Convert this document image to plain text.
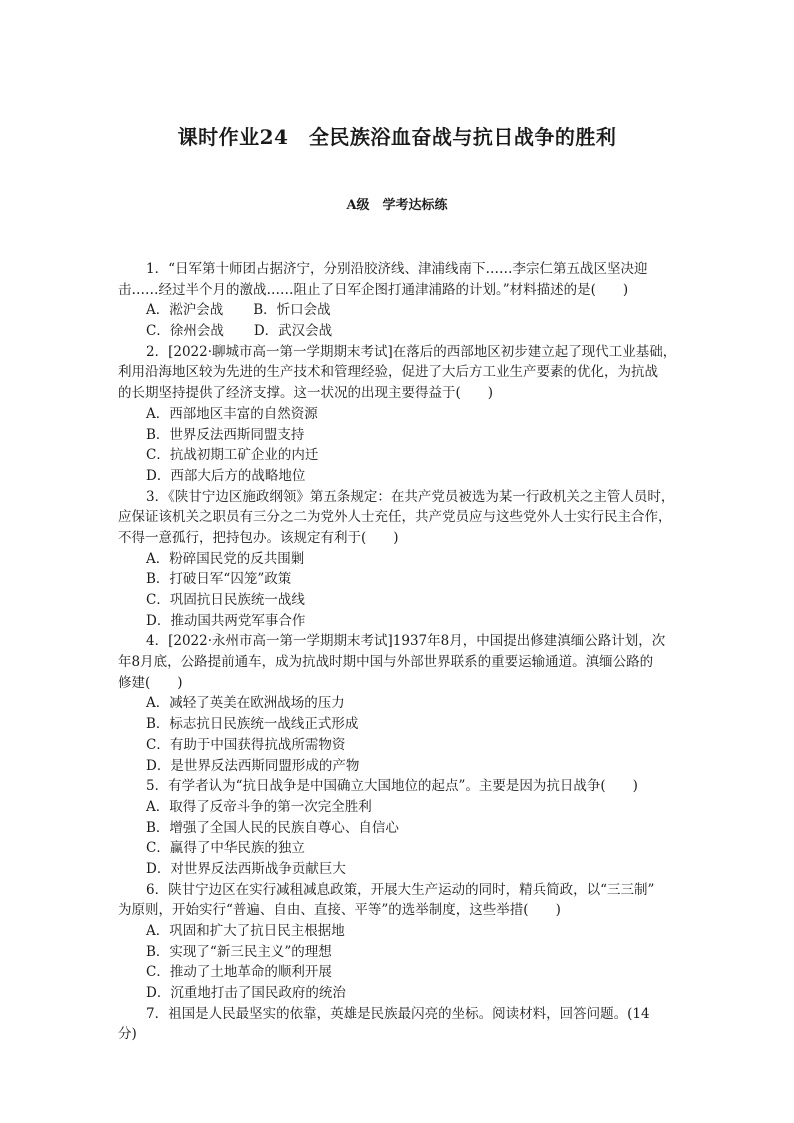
课时作业24　全民族浴血奋战与抗日战争的胜利
A级　学考达标练
1．“日军第十师团占据济宁，分别沿胶济线、津浦线南下……李宗仁第五战区坚决迎
击……经过半个月的激战……阻止了日军企图打通津浦路的计划。”材料描述的是(　　)
A．淞沪会战 B．忻口会战
C．徐州会战 D．武汉会战
2．[2022·聊城市高一第一学期期末考试]在落后的西部地区初步建立起了现代工业基础，
利用沿海地区较为先进的生产技术和管理经验，促进了大后方工业生产要素的优化，为抗战
的长期坚持提供了经济支撑。这一状况的出现主要得益于(　　)
A．西部地区丰富的自然资源
B．世界反法西斯同盟支持
C．抗战初期工矿企业的内迁
D．西部大后方的战略地位
3．《陕甘宁边区施政纲领》第五条规定：在共产党员被选为某一行政机关之主管人员时，
应保证该机关之职员有三分之二为党外人士充任，共产党员应与这些党外人士实行民主合作，
不得一意孤行，把持包办。该规定有利于(　　)
A．粉碎国民党的反共围剿
B．打破日军“囚笼”政策
C．巩固抗日民族统一战线
D．推动国共两党军事合作
4．[2022·永州市高一第一学期期末考试]1937年8月，中国提出修建滇缅公路计划，次
年8月底，公路提前通车，成为抗战时期中国与外部世界联系的重要运输通道。滇缅公路的
修建(　　)
A．减轻了英美在欧洲战场的压力
B．标志抗日民族统一战线正式形成
C．有助于中国获得抗战所需物资
D．是世界反法西斯同盟形成的产物
5．有学者认为“抗日战争是中国确立大国地位的起点”。主要是因为抗日战争(　　)
A．取得了反帝斗争的第一次完全胜利
B．增强了全国人民的民族自尊心、自信心
C．赢得了中华民族的独立
D．对世界反法西斯战争贡献巨大
6．陕甘宁边区在实行减租减息政策，开展大生产运动的同时，精兵简政，以“三三制”
为原则，开始实行“普遍、自由、直接、平等”的选举制度，这些举措(　　)
A．巩固和扩大了抗日民主根据地
B．实现了“新三民主义”的理想
C．推动了土地革命的顺利开展
D．沉重地打击了国民政府的统治
7．祖国是人民最坚实的依靠，英雄是民族最闪亮的坐标。阅读材料，回答问题。(14
分)
